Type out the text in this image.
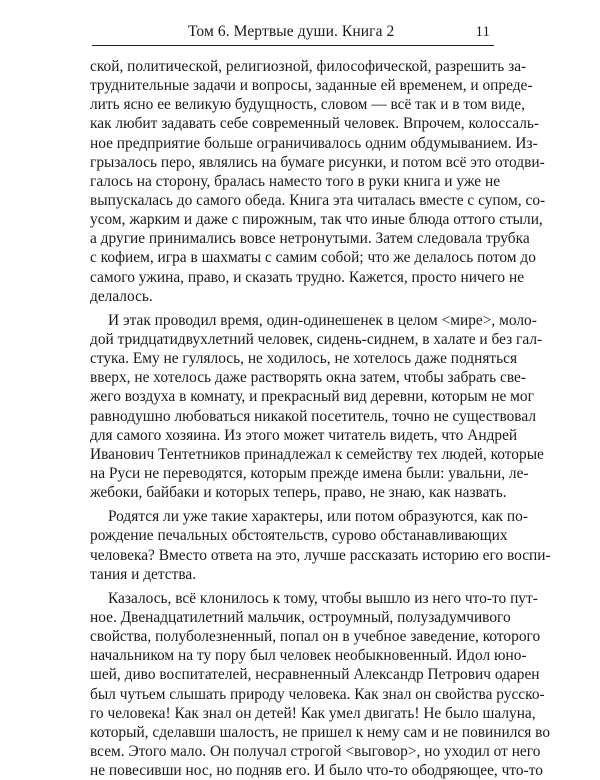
Том 6. Мертвые души. Книга 2	11
ской, политической, религиозной, философической, разрешить за-
труднительные задачи и вопросы, заданные ей временем, и опреде-
лить ясно ее великую будущность, словом — всё так и в том виде,
как любит задавать себе современный человек. Впрочем, колоссаль-
ное предприятие больше ограничивалось одним обдумыванием. Из-
грызалось перо, являлись на бумаге рисунки, и потом всё это отодви-
галось на сторону, бралась наместо того в руки книга и уже не
выпускалась до самого обеда. Книга эта читалась вместе с супом, со-
усом, жарким и даже с пирожным, так что иные блюда оттого стыли,
а другие принимались вовсе нетронутыми. Затем следовала трубка
с кофием, игра в шахматы с самим собой; что же делалось потом до
самого ужина, право, и сказать трудно. Кажется, просто ничего не
делалось.
И этак проводил время, один-одинешенек в целом <мире>, моло-
дой тридцатидвухлетний человек, сидень-сиднем, в халате и без гал-
стука. Ему не гулялось, не ходилось, не хотелось даже подняться
вверх, не хотелось даже растворять окна затем, чтобы забрать све-
жего воздуха в комнату, и прекрасный вид деревни, которым не мог
равнодушно любоваться никакой посетитель, точно не существовал
для самого хозяина. Из этого может читатель видеть, что Андрей
Иванович Тентетников принадлежал к семейству тех людей, которые
на Руси не переводятся, которым прежде имена были: увальни, ле-
жебоки, байбаки и которых теперь, право, не знаю, как назвать.
Родятся ли уже такие характеры, или потом образуются, как по-
рождение печальных обстоятельств, сурово обстанавливающих
человека? Вместо ответа на это, лучше рассказать историю его воспи-
тания и детства.
Казалось, всё клонилось к тому, чтобы вышло из него что-то пут-
ное. Двенадцатилетний мальчик, остроумный, полузадумчивого
свойства, полуболезненный, попал он в учебное заведение, которого
начальником на ту пору был человек необыкновенный. Идол юно-
шей, диво воспитателей, несравненный Александр Петрович одарен
был чутьем слышать природу человека. Как знал он свойства русско-
го человека! Как знал он детей! Как умел двигать! Не было шалуна,
который, сделавши шалость, не пришел к нему сам и не повинился во
всем. Этого мало. Он получал строгой <выговор>, но уходил от него
не повесивши нос, но подняв его. И было что-то ободряющее, что-то
